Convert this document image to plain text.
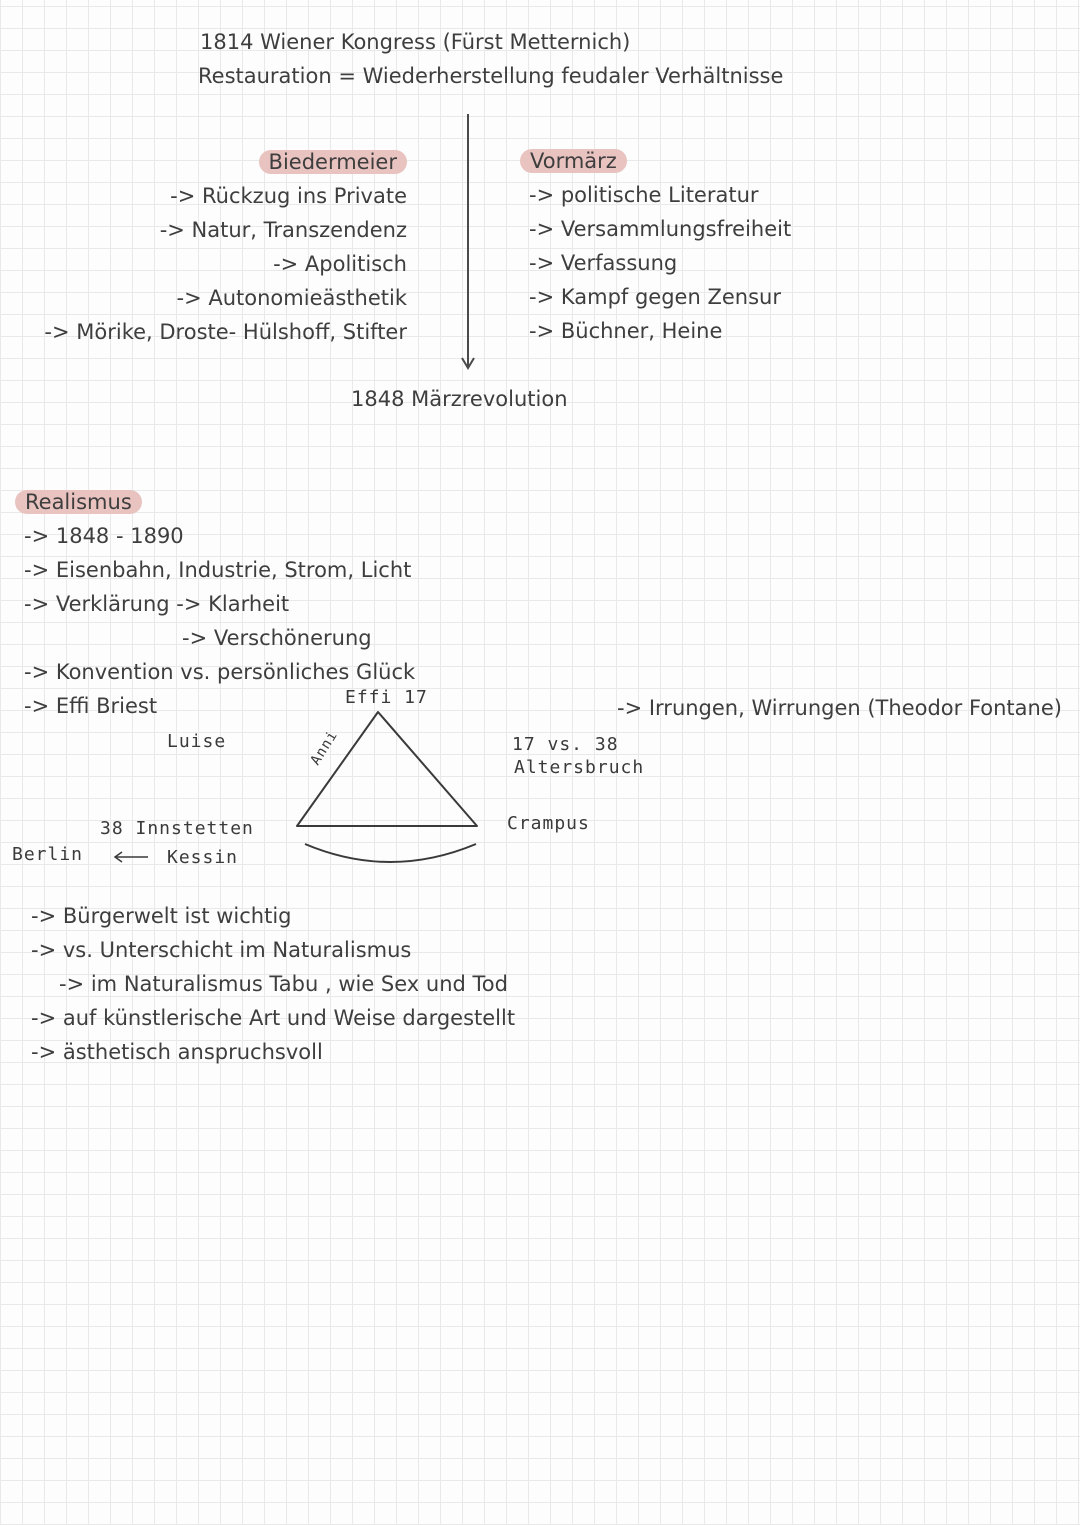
1814 Wiener Kongress (Fürst Metternich)
Restauration = Wiederherstellung feudaler Verhältnisse
Biedermeier
-> Rückzug ins Private
-> Natur, Transzendenz
-> Apolitisch
-> Autonomieästhetik
-> Mörike, Droste- Hülshoff, Stifter
Vormärz
-> politische Literatur
-> Versammlungsfreiheit
-> Verfassung
-> Kampf gegen Zensur
-> Büchner, Heine
1848 Märzrevolution
Realismus
-> 1848 - 1890
-> Eisenbahn, Industrie, Strom, Licht
-> Verklärung -> Klarheit
-> Verschönerung
-> Konvention vs. persönliches Glück
-> Effi Briest	-> Irrungen, Wirrungen (Theodor Fontane)
Effi 17
Luise	Anni
38 Innstetten
Berlin	Kessin
17 vs. 38
Altersbruch
Crampus
-> Bürgerwelt ist wichtig
-> vs. Unterschicht im Naturalismus
-> im Naturalismus Tabu , wie Sex und Tod
-> auf künstlerische Art und Weise dargestellt
-> ästhetisch anspruchsvoll
